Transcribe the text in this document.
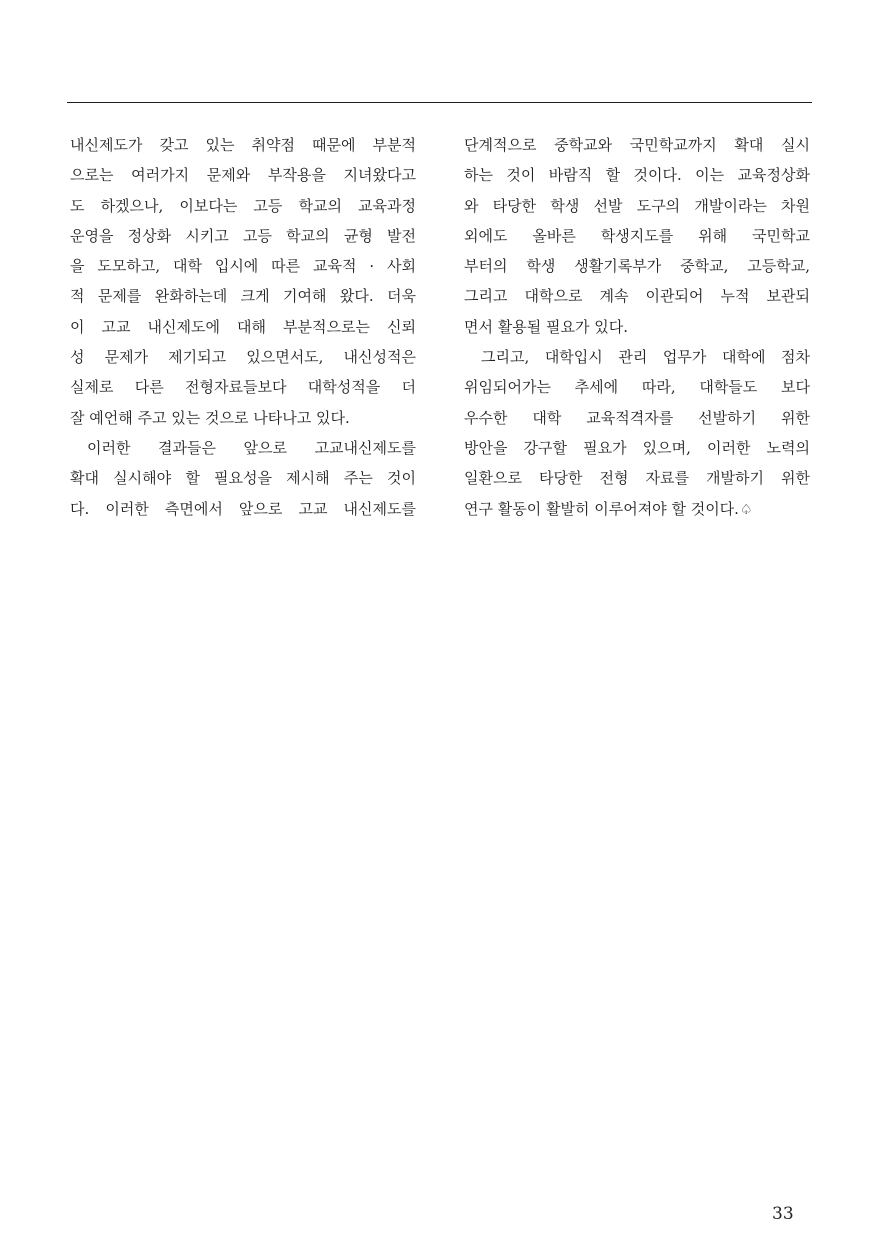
내신제도가 갖고 있는 취약점 때문에 부분적
으로는 여러가지 문제와 부작용을 지녀왔다고
도 하겠으나, 이보다는 고등 학교의 교육과정
운영을 정상화 시키고 고등 학교의 균형 발전
을 도모하고, 대학 입시에 따른 교육적 · 사회
적 문제를 완화하는데 크게 기여해 왔다. 더욱
이 고교 내신제도에 대해 부분적으로는 신뢰
성 문제가 제기되고 있으면서도, 내신성적은
실제로 다른 전형자료들보다 대학성적을 더
잘 예언해 주고 있는 것으로 나타나고 있다.
이러한 결과들은 앞으로 고교내신제도를
확대 실시해야 할 필요성을 제시해 주는 것이
다. 이러한 측면에서 앞으로 고교 내신제도를
단계적으로 중학교와 국민학교까지 확대 실시
하는 것이 바람직 할 것이다. 이는 교육정상화
와 타당한 학생 선발 도구의 개발이라는 차원
외에도 올바른 학생지도를 위해 국민학교
부터의 학생 생활기록부가 중학교, 고등학교,
그리고 대학으로 계속 이관되어 누적 보관되
면서 활용될 필요가 있다.
그리고, 대학입시 관리 업무가 대학에 점차
위임되어가는 추세에 따라, 대학들도 보다
우수한 대학 교육적격자를 선발하기 위한
방안을 강구할 필요가 있으며, 이러한 노력의
일환으로 타당한 전형 자료를 개발하기 위한
연구 활동이 활발히 이루어져야 할 것이다.♤
33
